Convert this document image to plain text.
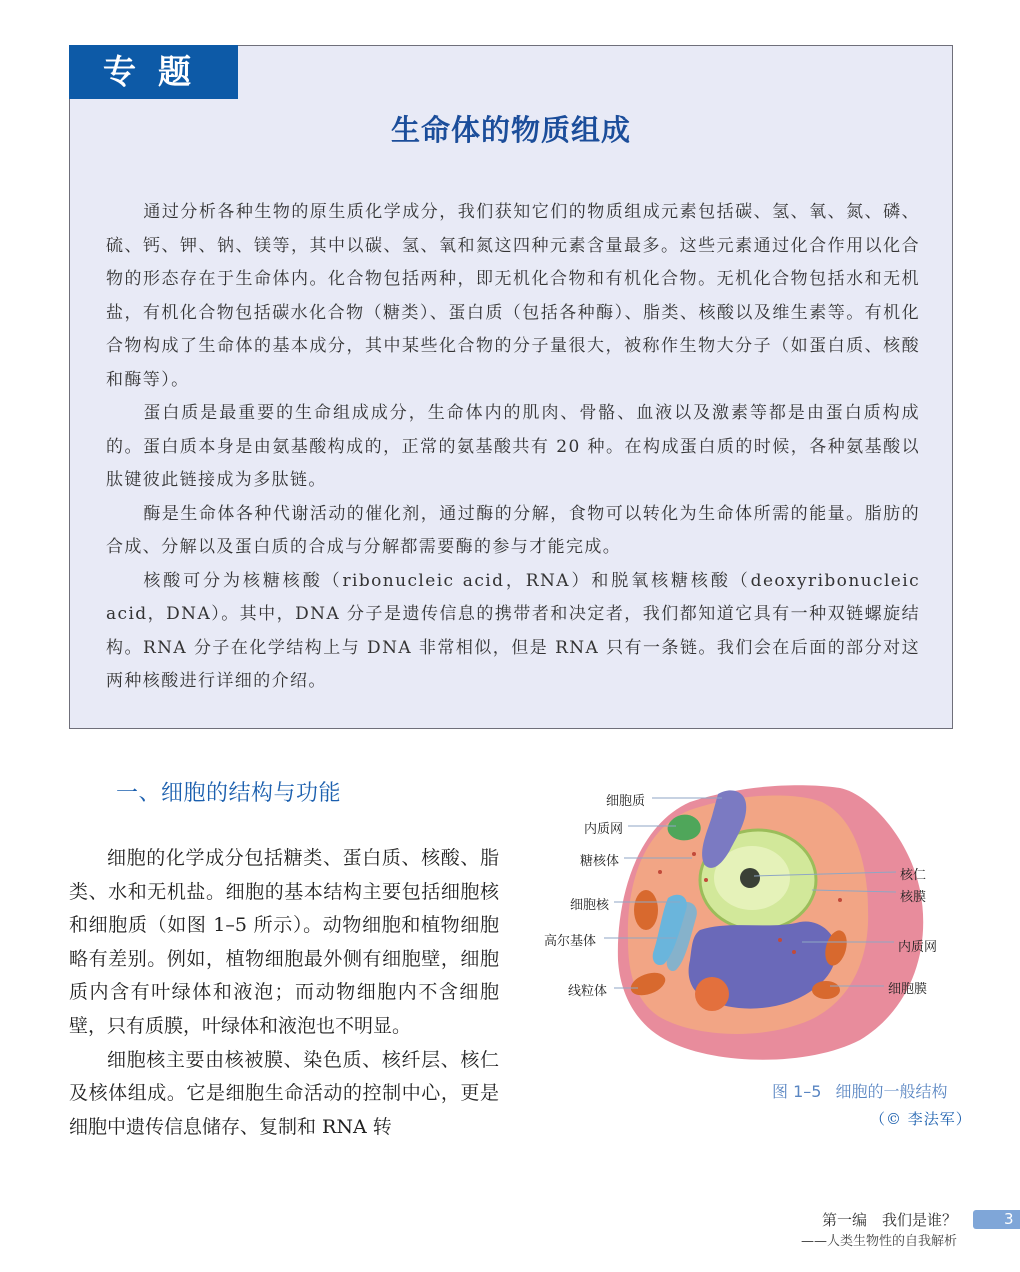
专题
生命体的物质组成

通过分析各种生物的原生质化学成分，我们获知它们的物质组成元素包括碳、氢、氧、氮、磷、硫、钙、钾、钠、镁等，其中以碳、氢、氧和氮这四种元素含量最多。这些元素通过化合作用以化合物的形态存在于生命体内。化合物包括两种，即无机化合物和有机化合物。无机化合物包括水和无机盐，有机化合物包括碳水化合物（糖类）、蛋白质（包括各种酶）、脂类、核酸以及维生素等。有机化合物构成了生命体的基本成分，其中某些化合物的分子量很大，被称作生物大分子（如蛋白质、核酸和酶等）。

蛋白质是最重要的生命组成成分，生命体内的肌肉、骨骼、血液以及激素等都是由蛋白质构成的。蛋白质本身是由氨基酸构成的，正常的氨基酸共有 20 种。在构成蛋白质的时候，各种氨基酸以肽键彼此链接成为多肽链。

酶是生命体各种代谢活动的催化剂，通过酶的分解，食物可以转化为生命体所需的能量。脂肪的合成、分解以及蛋白质的合成与分解都需要酶的参与才能完成。

核酸可分为核糖核酸（ribonucleic acid，RNA）和脱氧核糖核酸（deoxyribonucleic acid，DNA）。其中，DNA 分子是遗传信息的携带者和决定者，我们都知道它具有一种双链螺旋结构。RNA 分子在化学结构上与 DNA 非常相似，但是 RNA 只有一条链。我们会在后面的部分对这两种核酸进行详细的介绍。

一、细胞的结构与功能

细胞的化学成分包括糖类、蛋白质、核酸、脂类、水和无机盐。细胞的基本结构主要包括细胞核和细胞质（如图 1–5 所示）。动物细胞和植物细胞略有差别。例如，植物细胞最外侧有细胞壁，细胞质内含有叶绿体和液泡；而动物细胞内不含细胞壁，只有质膜，叶绿体和液泡也不明显。

细胞核主要由核被膜、染色质、核纤层、核仁及核体组成。它是细胞生命活动的控制中心，更是细胞中遗传信息储存、复制和 RNA 转

细胞质
内质网
糖核体
细胞核
高尔基体
线粒体
核仁
核膜
内质网
细胞膜
图 1–5 细胞的一般结构
（© 李法军）
第一编　我们是谁？
——人类生物性的自我解析
3
